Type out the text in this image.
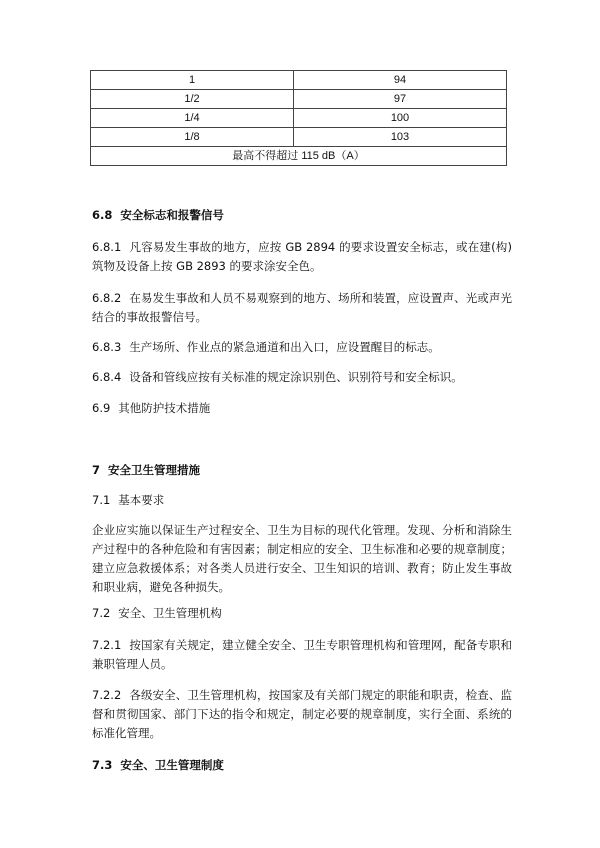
1	94
1/2	97
1/4	100
1/8	103
最高不得超过 115 dB（A）	
6.8 安全标志和报警信号
6.8.1 凡容易发生事故的地方，应按 GB 2894 的要求设置安全标志，或在建(构)筑物及设备上按 GB 2893 的要求涂安全色。
6.8.2 在易发生事故和人员不易观察到的地方、场所和装置，应设置声、光或声光结合的事故报警信号。
6.8.3 生产场所、作业点的紧急通道和出入口，应设置醒目的标志。
6.8.4 设备和管线应按有关标准的规定涂识别色、识别符号和安全标识。
6.9 其他防护技术措施
7 安全卫生管理措施
7.1 基本要求
企业应实施以保证生产过程安全、卫生为目标的现代化管理。发现、分析和消除生产过程中的各种危险和有害因素；制定相应的安全、卫生标准和必要的规章制度；建立应急救援体系；对各类人员进行安全、卫生知识的培训、教育；防止发生事故和职业病，避免各种损失。
7.2 安全、卫生管理机构
7.2.1 按国家有关规定，建立健全安全、卫生专职管理机构和管理网，配备专职和兼职管理人员。
7.2.2 各级安全、卫生管理机构，按国家及有关部门规定的职能和职责，检查、监督和贯彻国家、部门下达的指令和规定，制定必要的规章制度，实行全面、系统的标准化管理。
7.3 安全、卫生管理制度
